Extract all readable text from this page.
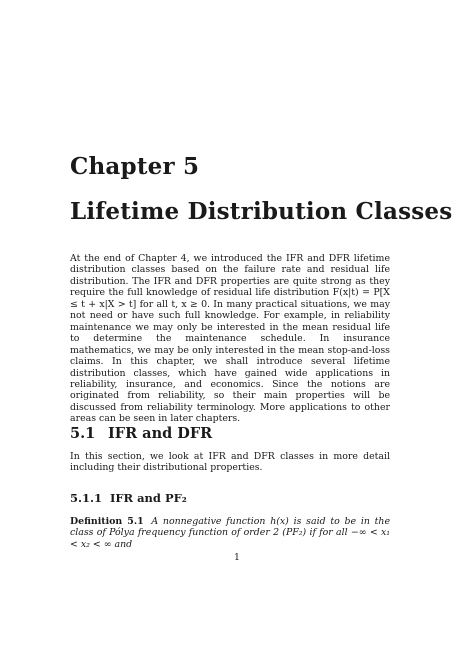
Chapter 5
Lifetime Distribution Classes

At the end of Chapter 4, we introduced the IFR and DFR lifetime distribution classes based on the failure rate and residual life distribution. The IFR and DFR properties are quite strong as they require the full knowledge of residual life distribution F(x|t) = P[X ≤ t + x|X > t] for all t, x ≥ 0. In many practical situations, we may not need or have such full knowledge. For example, in reliability maintenance we may only be interested in the mean residual life to determine the maintenance schedule. In insurance mathematics, we may be only interested in the mean stop-and-loss claims. In this chapter, we shall introduce several lifetime distribution classes, which have gained wide applications in reliability, insurance, and economics. Since the notions are originated from reliability, so their main properties will be discussed from reliability terminology. More applications to other areas can be seen in later chapters.

5.1 IFR and DFR

In this section, we look at IFR and DFR classes in more detail including their distributional properties.

5.1.1 IFR and PF₂

Definition 5.1 A nonnegative function h(x) is said to be in the class of Pólya frequency function of order 2 (PF₂) if for all −∞ < x₁ < x₂ < ∞ and

1
